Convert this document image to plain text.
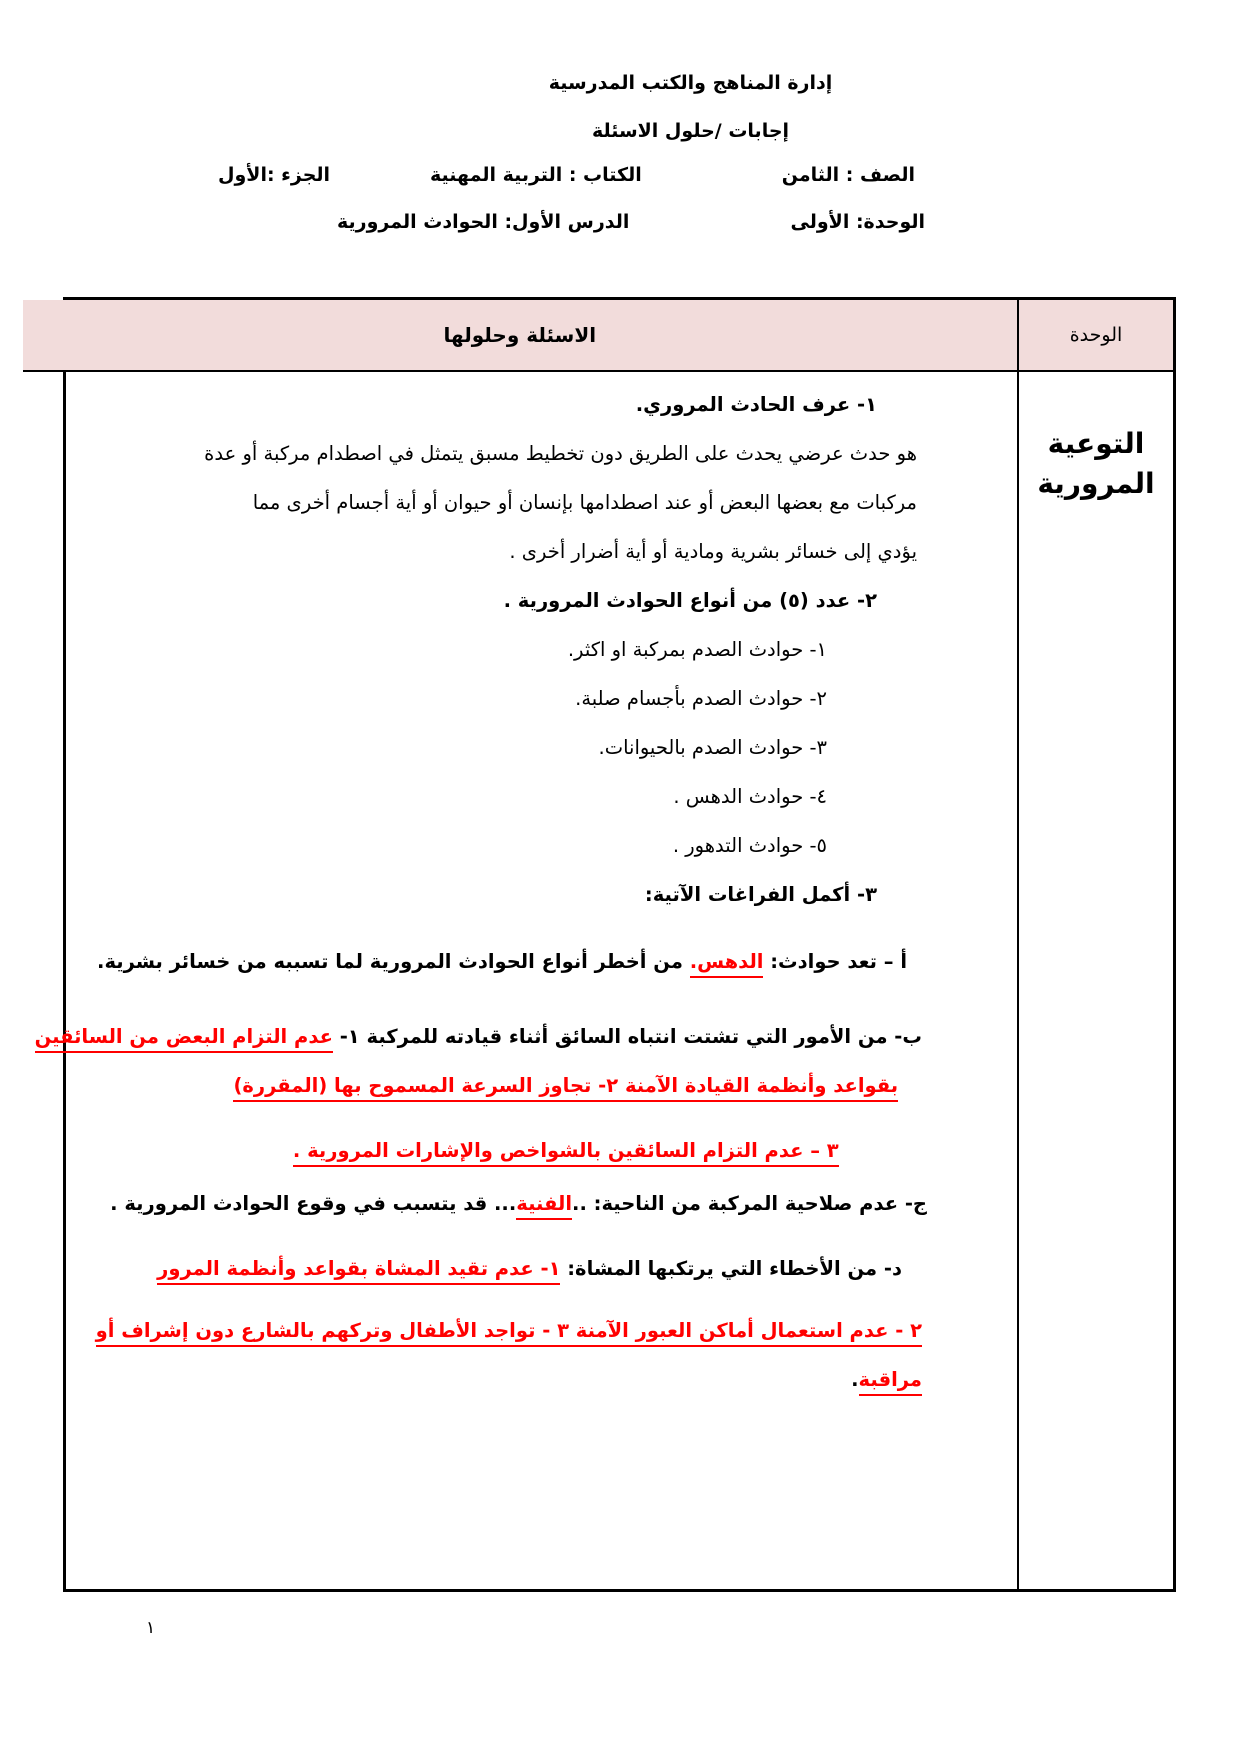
إدارة المناهج والكتب المدرسية
إجابات /حلول الاسئلة
الصف : الثامن
الكتاب : التربية المهنية
الجزء :الأول
الوحدة: الأولى
الدرس الأول: الحوادث المرورية
الوحدة
الاسئلة وحلولها
التوعية
المرورية
١- عرف الحادث المروري.
هو حدث عرضي يحدث على الطريق دون تخطيط مسبق يتمثل في اصطدام مركبة أو عدة
مركبات مع بعضها البعض أو عند اصطدامها بإنسان أو حيوان أو أية أجسام أخرى مما
يؤدي إلى خسائر بشرية ومادية أو أية أضرار أخرى .
٢- عدد (٥) من أنواع الحوادث المرورية .
١- حوادث الصدم بمركبة او اكثر.
٢- حوادث الصدم بأجسام صلبة.
٣- حوادث الصدم بالحيوانات.
٤- حوادث الدهس .
٥- حوادث التدهور .
٣- أكمل الفراغات الآتية:
أ – تعد حوادث: الدهس. من أخطر أنواع الحوادث المرورية لما تسببه من خسائر بشرية.
ب- من الأمور التي تشتت انتباه السائق أثناء قيادته للمركبة ١- عدم التزام البعض من السائقين
بقواعد وأنظمة القيادة الآمنة ٢- تجاوز السرعة المسموح بها (المقررة)
٣ – عدم التزام السائقين بالشواخص والإشارات المرورية .
ج- عدم صلاحية المركبة من الناحية: ..الفنية... قد يتسبب في وقوع الحوادث المرورية .
د- من الأخطاء التي يرتكبها المشاة: ١- عدم تقيد المشاة بقواعد وأنظمة المرور
٢ - عدم استعمال أماكن العبور الآمنة ٣ - تواجد الأطفال وتركهم بالشارع دون إشراف أو
مراقبة.
١
